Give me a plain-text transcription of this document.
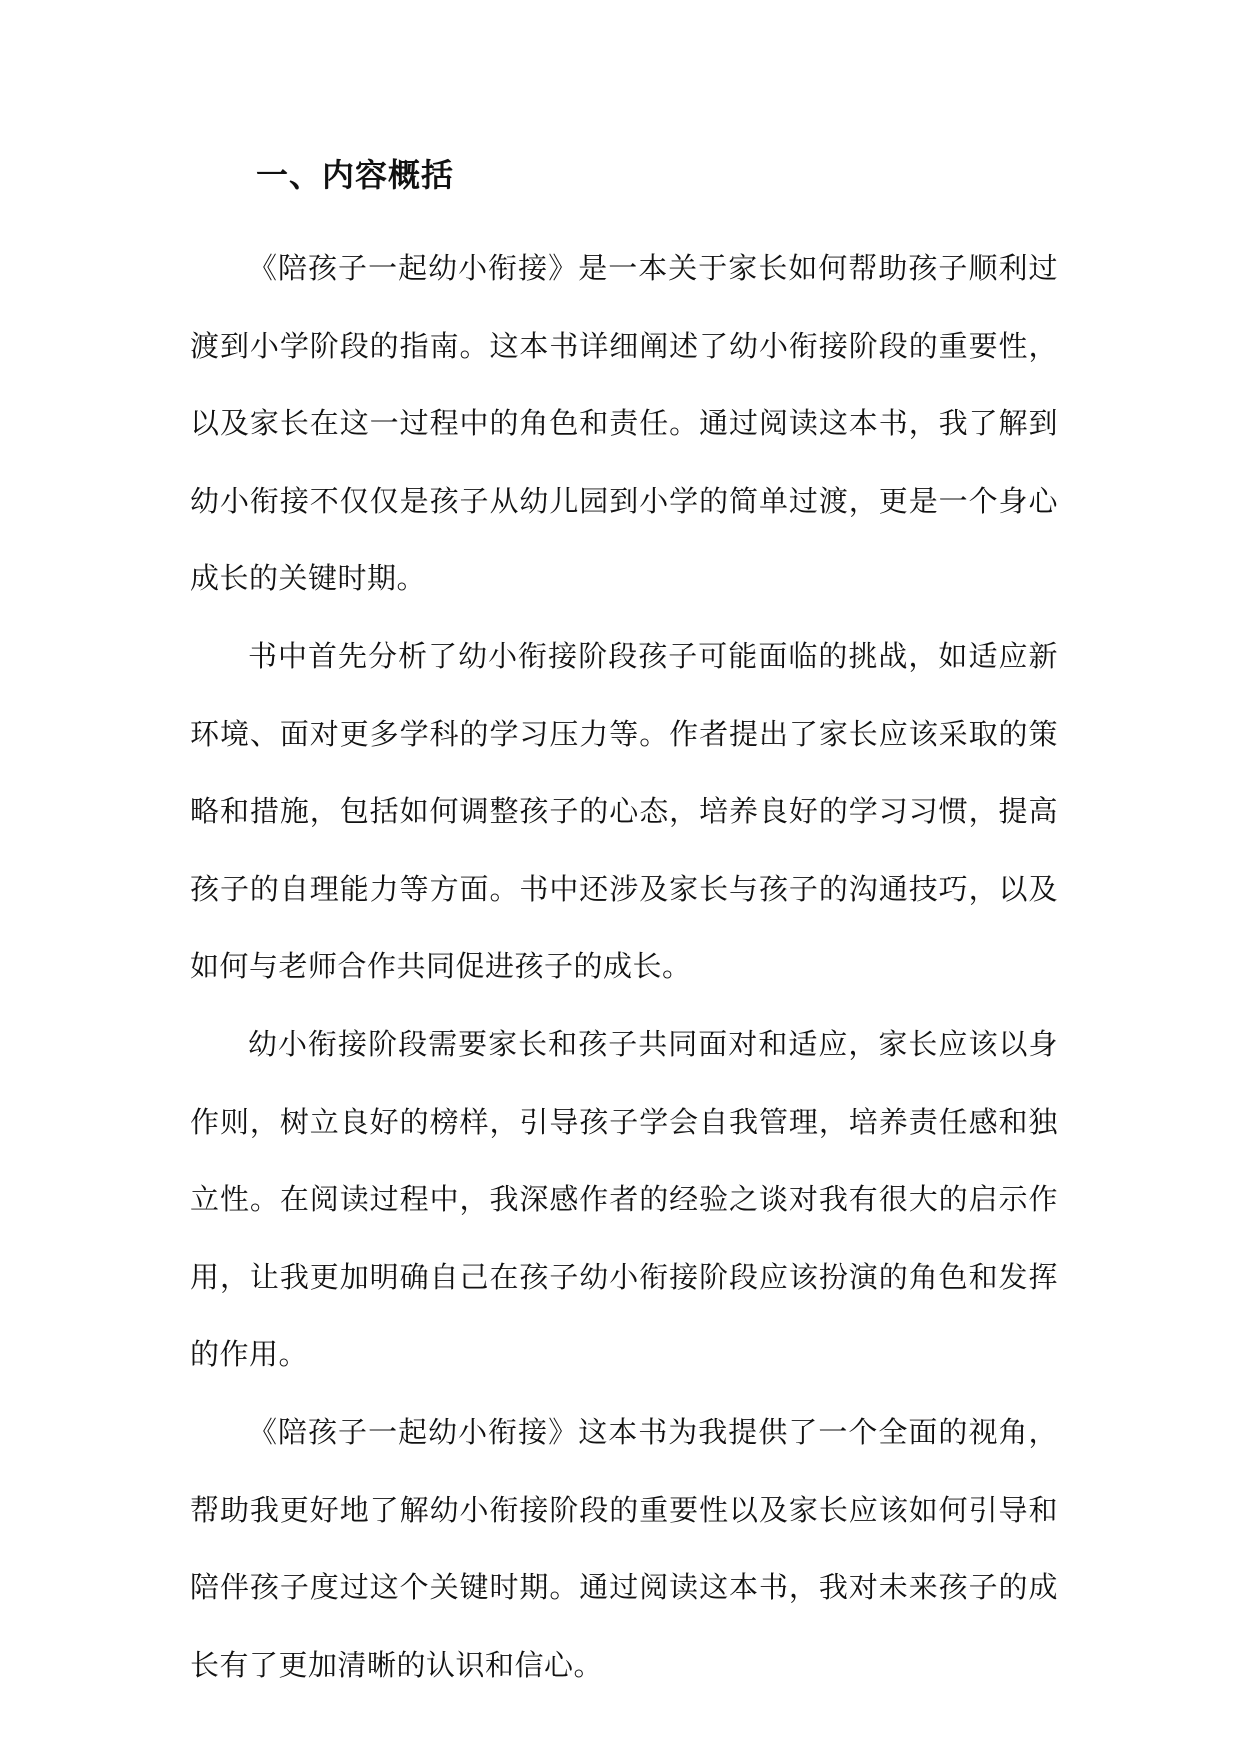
一、内容概括

《陪孩子一起幼小衔接》是一本关于家长如何帮助孩子顺利过渡到小学阶段的指南。这本书详细阐述了幼小衔接阶段的重要性，以及家长在这一过程中的角色和责任。通过阅读这本书，我了解到幼小衔接不仅仅是孩子从幼儿园到小学的简单过渡，更是一个身心成长的关键时期。

书中首先分析了幼小衔接阶段孩子可能面临的挑战，如适应新环境、面对更多学科的学习压力等。作者提出了家长应该采取的策略和措施，包括如何调整孩子的心态，培养良好的学习习惯，提高孩子的自理能力等方面。书中还涉及家长与孩子的沟通技巧，以及如何与老师合作共同促进孩子的成长。

幼小衔接阶段需要家长和孩子共同面对和适应，家长应该以身作则，树立良好的榜样，引导孩子学会自我管理，培养责任感和独立性。在阅读过程中，我深感作者的经验之谈对我有很大的启示作用，让我更加明确自己在孩子幼小衔接阶段应该扮演的角色和发挥的作用。

《陪孩子一起幼小衔接》这本书为我提供了一个全面的视角，帮助我更好地了解幼小衔接阶段的重要性以及家长应该如何引导和陪伴孩子度过这个关键时期。通过阅读这本书，我对未来孩子的成长有了更加清晰的认识和信心。
